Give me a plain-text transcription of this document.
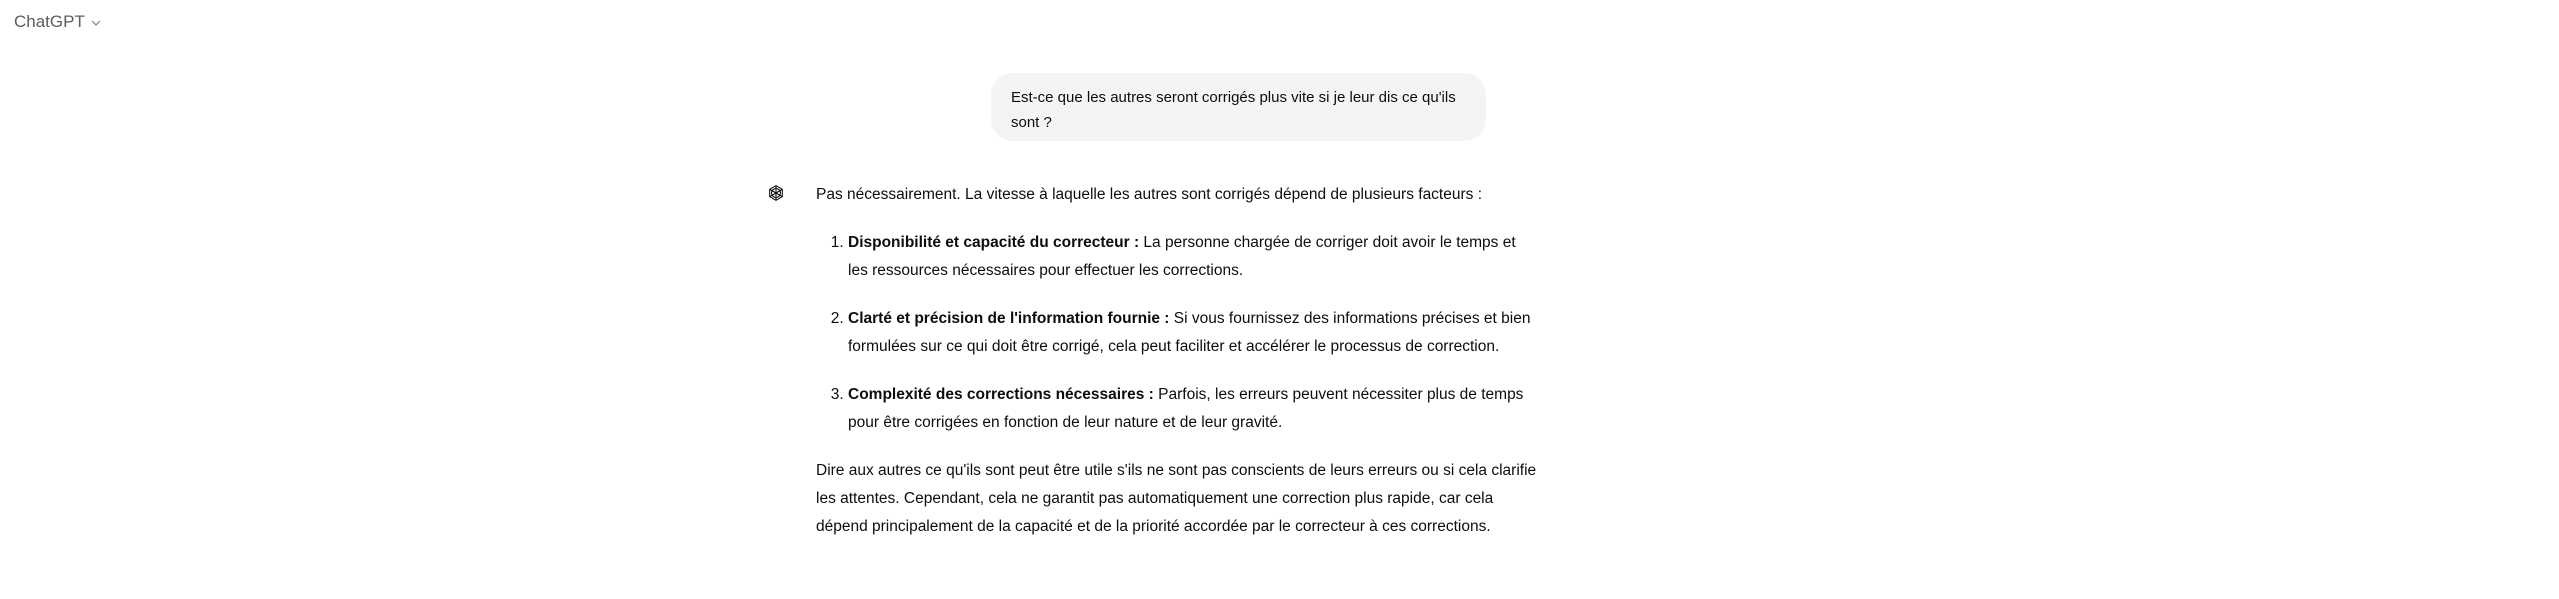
ChatGPT
Est-ce que les autres seront corrigés plus vite si je leur dis ce qu'ils sont ?

Pas nécessairement. La vitesse à laquelle les autres sont corrigés dépend de plusieurs facteurs :

1. Disponibilité et capacité du correcteur : La personne chargée de corriger doit avoir le temps et les ressources nécessaires pour effectuer les corrections.
2. Clarté et précision de l'information fournie : Si vous fournissez des informations précises et bien formulées sur ce qui doit être corrigé, cela peut faciliter et accélérer le processus de correction.
3. Complexité des corrections nécessaires : Parfois, les erreurs peuvent nécessiter plus de temps pour être corrigées en fonction de leur nature et de leur gravité.

Dire aux autres ce qu'ils sont peut être utile s'ils ne sont pas conscients de leurs erreurs ou si cela clarifie les attentes. Cependant, cela ne garantit pas automatiquement une correction plus rapide, car cela dépend principalement de la capacité et de la priorité accordée par le correcteur à ces corrections.
